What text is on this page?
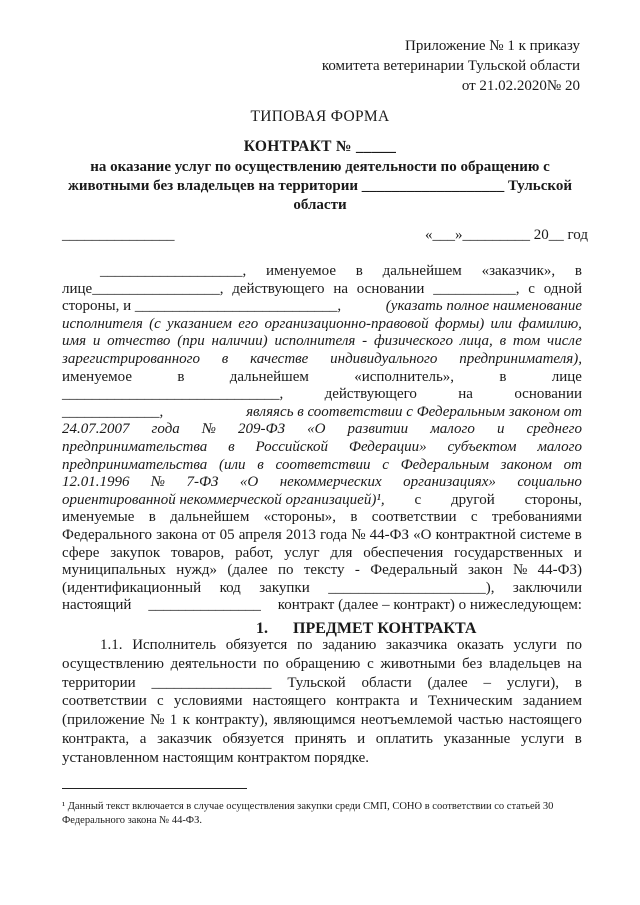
Приложение № 1 к приказу
комитета ветеринарии Тульской области
от 21.02.2020№ 20
ТИПОВАЯ ФОРМА
КОНТРАКТ № _____
на оказание услуг по осуществлению деятельности по обращению с
животными без владельцев на территории ___________________ Тульской
области
_______________	«___»_________ 20__ год
___________________, именуемое в дальнейшем «заказчик», в
лице_________________, действующего на основании ___________, с одной
стороны, и ___________________________,	(указать полное наименование
исполнителя (с указанием его организационно-правовой формы) или фамилию,
имя и отчество (при наличии) исполнителя - физического лица, в том числе
зарегистрированного в качестве индивидуального предпринимателя),
именуемое	в	дальнейшем	«исполнитель»,	в	лице
_____________________________,	действующего	на	основании
_____________,	являясь в соответствии с Федеральным законом от
24.07.2007 года № 209-ФЗ «О развитии малого и среднего
предпринимательства в Российской Федерации» субъектом малого
предпринимательства (или в соответствии с Федеральным законом от
12.01.1996 № 7-ФЗ «О некоммерческих организациях» социально
ориентированной некоммерческой организацией)¹, с другой стороны,
именуемые в дальнейшем «стороны», в соответствии с требованиями
Федерального закона от 05 апреля 2013 года № 44-ФЗ «О контрактной системе в
сфере закупок товаров, работ, услуг для обеспечения государственных и
муниципальных нужд» (далее по тексту - Федеральный закон № 44-ФЗ)
(идентификационный код закупки _____________________), заключили
настоящий _______________ контракт (далее – контракт) о нижеследующем:
1. ПРЕДМЕТ КОНТРАКТА
1.1. Исполнитель обязуется по заданию заказчика оказать услуги по
осуществлению деятельности по обращению с животными без владельцев на
территории ________________ Тульской области (далее – услуги), в
соответствии с условиями настоящего контракта и Техническим заданием
(приложение № 1 к контракту), являющимся неотъемлемой частью настоящего
контракта, а заказчик обязуется принять и оплатить указанные услуги в
установленном настоящим контрактом порядке.
¹ Данный текст включается в случае осуществления закупки среди СМП, СОНО в соответствии со статьей 30
Федерального закона № 44-ФЗ.
